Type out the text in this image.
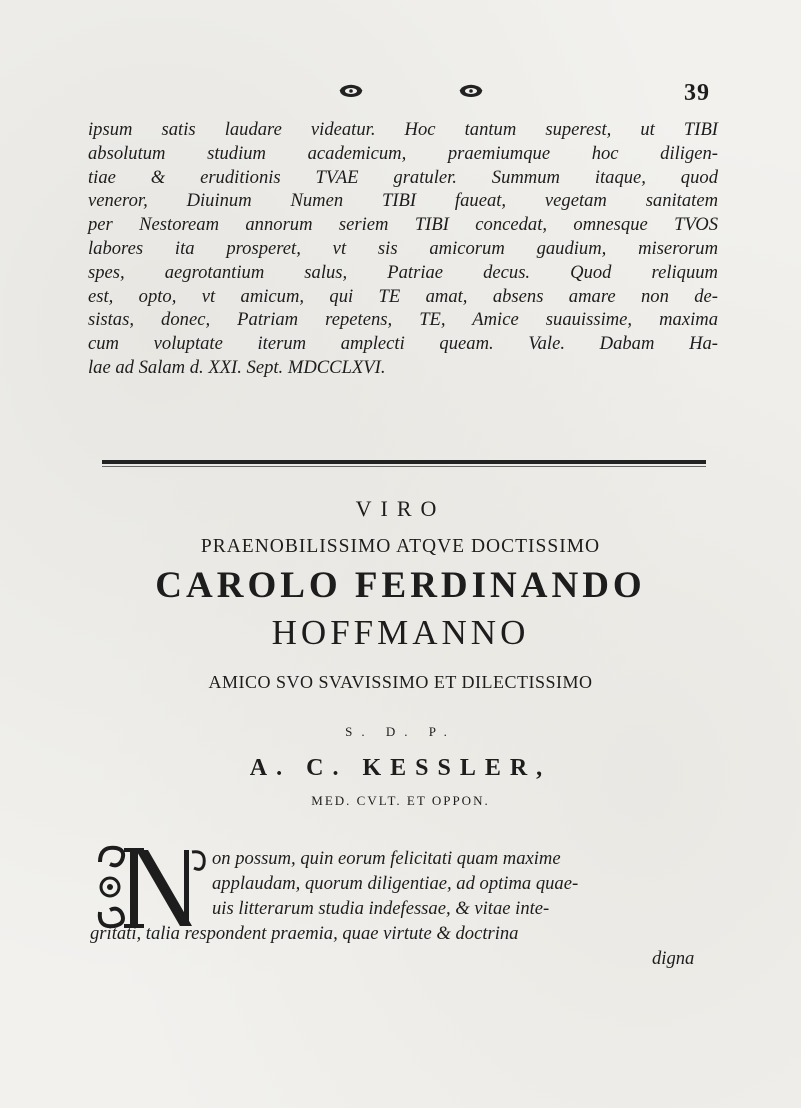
39
ipsum satis laudare videatur. Hoc tantum superest, ut TIBI
absolutum studium academicum, praemiumque hoc diligen-
tiae & eruditionis TVAE gratuler. Summum itaque, quod
veneror, Diuinum Numen TIBI faueat, vegetam sanitatem
per Nestoream annorum seriem TIBI concedat, omnesque TVOS
labores ita prosperet, vt sis amicorum gaudium, miserorum
spes, aegrotantium salus, Patriae decus. Quod reliquum
est, opto, vt amicum, qui TE amat, absens amare non de-
sistas, donec, Patriam repetens, TE, Amice suauissime, maxima
cum voluptate iterum amplecti queam. Vale. Dabam Ha-
lae ad Salam d. XXI. Sept. MDCCLXVI.
VIRO
PRAENOBILISSIMO ATQVE DOCTISSIMO
CAROLO FERDINANDO
HOFFMANNO
AMICO SVO SVAVISSIMO ET DILECTISSIMO
S. D. P.
A. C. KESSLER,
MED. CVLT. ET OPPON.
on possum, quin eorum felicitati quam maxime
applaudam, quorum diligentiae, ad optima quae-
uis litterarum studia indefessae, & vitae inte-
gritati, talia respondent praemia, quae virtute & doctrina
digna
